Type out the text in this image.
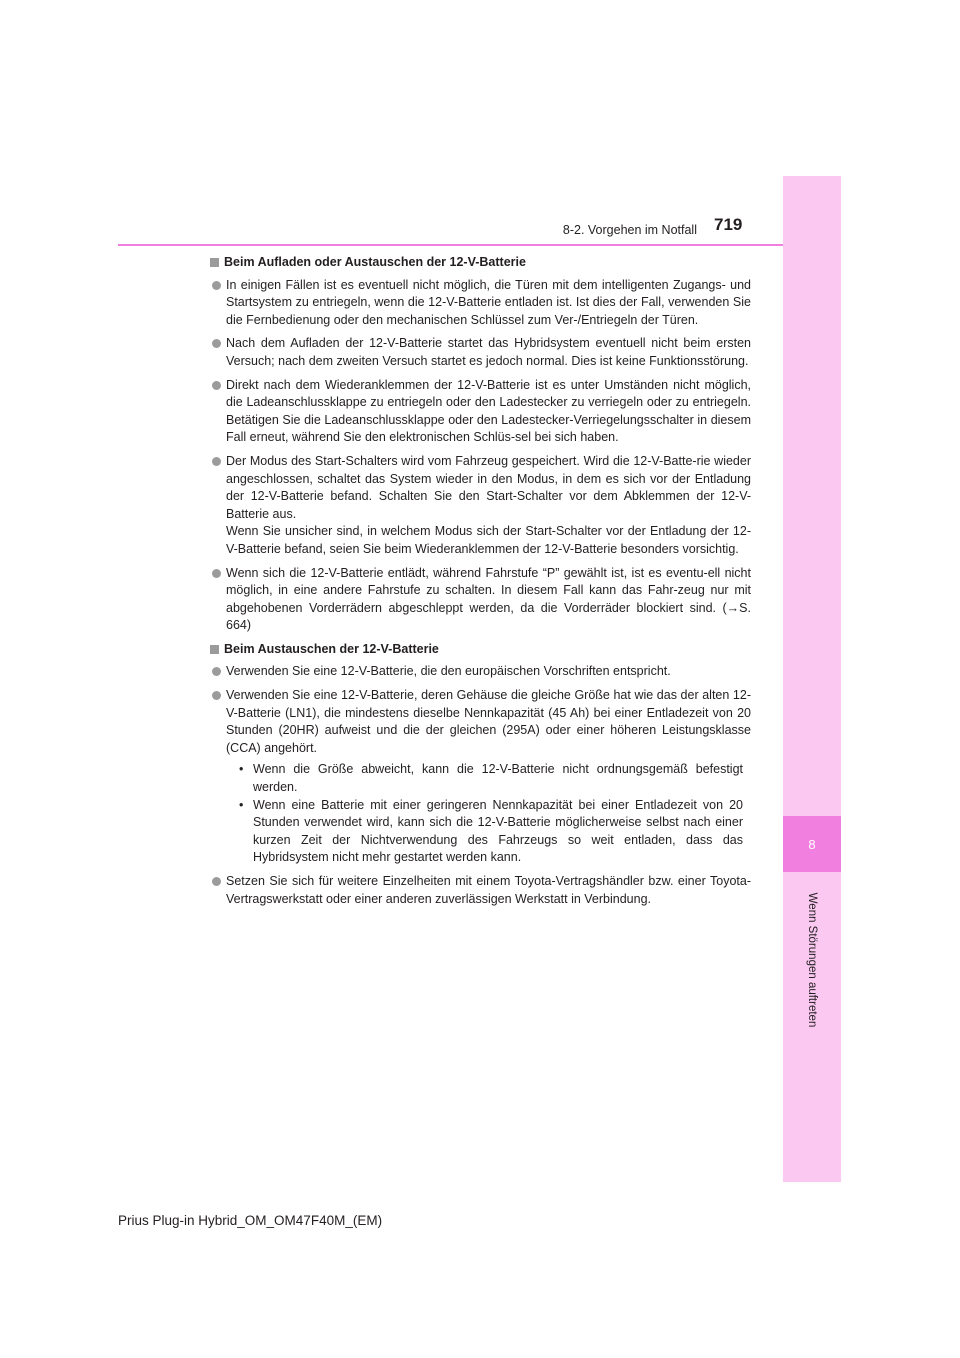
8
Wenn Störungen auftreten
8-2. Vorgehen im Notfall 719
Beim Aufladen oder Austauschen der 12-V-Batterie

In einigen Fällen ist es eventuell nicht möglich, die Türen mit dem intelligenten Zugangs- und Startsystem zu entriegeln, wenn die 12-V-Batterie entladen ist. Ist dies der Fall, verwenden Sie die Fernbedienung oder den mechanischen Schlüssel zum Ver-/Entriegeln der Türen.

Nach dem Aufladen der 12-V-Batterie startet das Hybridsystem eventuell nicht beim ersten Versuch; nach dem zweiten Versuch startet es jedoch normal. Dies ist keine Funktionsstörung.

Direkt nach dem Wiederanklemmen der 12-V-Batterie ist es unter Umständen nicht möglich, die Ladeanschlussklappe zu entriegeln oder den Ladestecker zu verriegeln oder zu entriegeln. Betätigen Sie die Ladeanschlussklappe oder den Ladestecker-Verriegelungsschalter in diesem Fall erneut, während Sie den elektronischen Schlüs-sel bei sich haben.

Der Modus des Start-Schalters wird vom Fahrzeug gespeichert. Wird die 12-V-Batte-rie wieder angeschlossen, schaltet das System wieder in den Modus, in dem es sich vor der Entladung der 12-V-Batterie befand. Schalten Sie den Start-Schalter vor dem Abklemmen der 12-V-Batterie aus.

Wenn Sie unsicher sind, in welchem Modus sich der Start-Schalter vor der Entladung der 12-V-Batterie befand, seien Sie beim Wiederanklemmen der 12-V-Batterie besonders vorsichtig.

Wenn sich die 12-V-Batterie entlädt, während Fahrstufe “P” gewählt ist, ist es eventu-ell nicht möglich, in eine andere Fahrstufe zu schalten. In diesem Fall kann das Fahr-zeug nur mit abgehobenen Vorderrädern abgeschleppt werden, da die Vorderräder blockiert sind. (→S. 664)

Beim Austauschen der 12-V-Batterie

Verwenden Sie eine 12-V-Batterie, die den europäischen Vorschriften entspricht.

Verwenden Sie eine 12-V-Batterie, deren Gehäuse die gleiche Größe hat wie das der alten 12-V-Batterie (LN1), die mindestens dieselbe Nennkapazität (45 Ah) bei einer Entladezeit von 20 Stunden (20HR) aufweist und die der gleichen (295A) oder einer höheren Leistungsklasse (CCA) angehört.

• Wenn die Größe abweicht, kann die 12-V-Batterie nicht ordnungsgemäß befestigt werden.
• Wenn eine Batterie mit einer geringeren Nennkapazität bei einer Entladezeit von 20 Stunden verwendet wird, kann sich die 12-V-Batterie möglicherweise selbst nach einer kurzen Zeit der Nichtverwendung des Fahrzeugs so weit entladen, dass das Hybridsystem nicht mehr gestartet werden kann.

Setzen Sie sich für weitere Einzelheiten mit einem Toyota-Vertragshändler bzw. einer Toyota-Vertragswerkstatt oder einer anderen zuverlässigen Werkstatt in Verbindung.

Prius Plug-in Hybrid_OM_OM47F40M_(EM)
